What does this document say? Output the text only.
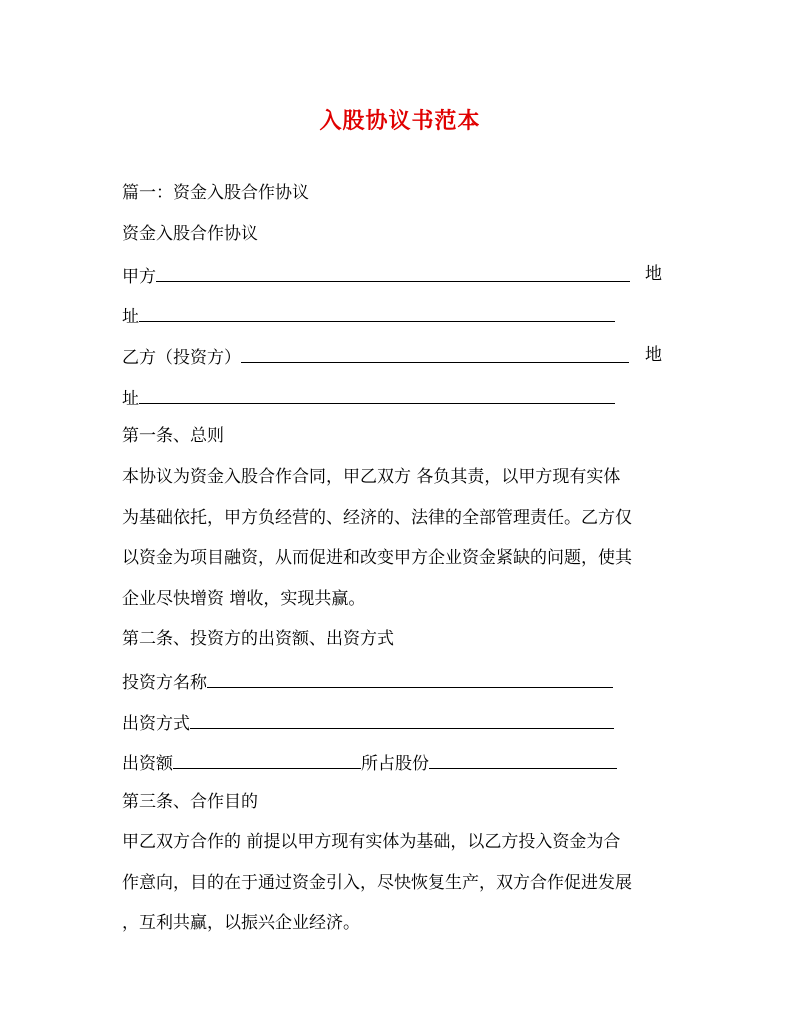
入股协议书范本
篇一：资金入股合作协议
资金入股合作协议
甲方	地
址
乙方（投资方）	地
址
第一条、总则
本协议为资金入股合作合同，甲乙双方 各负其责，以甲方现有实体
为基础依托，甲方负经营的、经济的、法律的全部管理责任。乙方仅
以资金为项目融资，从而促进和改变甲方企业资金紧缺的问题，使其
企业尽快增资 增收，实现共赢。
第二条、投资方的出资额、出资方式
投资方名称
出资方式
出资额	所占股份
第三条、合作目的
甲乙双方合作的 前提以甲方现有实体为基础，以乙方投入资金为合
作意向，目的在于通过资金引入，尽快恢复生产，双方合作促进发展
，互利共赢，以振兴企业经济。
